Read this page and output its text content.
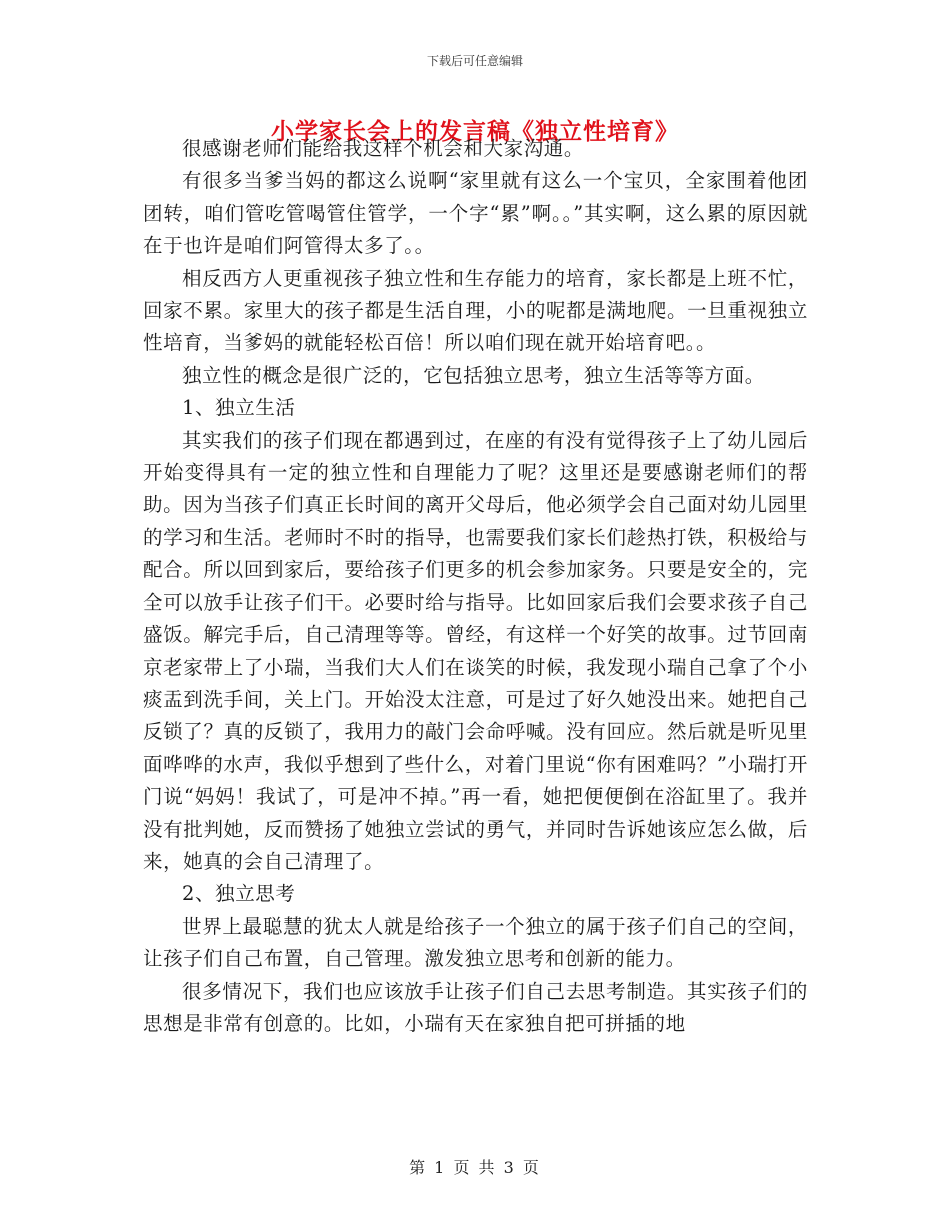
下载后可任意编辑
小学家长会上的发言稿《独立性培育》

很感谢老师们能给我这样个机会和大家沟通。

有很多当爹当妈的都这么说啊“家里就有这么一个宝贝，全家围着他团团转，咱们管吃管喝管住管学，一个字“累”啊。。”其实啊，这么累的原因就在于也许是咱们阿管得太多了。。

相反西方人更重视孩子独立性和生存能力的培育，家长都是上班不忙，回家不累。家里大的孩子都是生活自理，小的呢都是满地爬。一旦重视独立性培育，当爹妈的就能轻松百倍！所以咱们现在就开始培育吧。。

独立性的概念是很广泛的，它包括独立思考，独立生活等等方面。

1、独立生活

其实我们的孩子们现在都遇到过，在座的有没有觉得孩子上了幼儿园后开始变得具有一定的独立性和自理能力了呢？这里还是要感谢老师们的帮助。因为当孩子们真正长时间的离开父母后，他必须学会自己面对幼儿园里的学习和生活。老师时不时的指导，也需要我们家长们趁热打铁，积极给与配合。所以回到家后，要给孩子们更多的机会参加家务。只要是安全的，完全可以放手让孩子们干。必要时给与指导。比如回家后我们会要求孩子自己盛饭。解完手后，自己清理等等。曾经，有这样一个好笑的故事。过节回南京老家带上了小瑞，当我们大人们在谈笑的时候，我发现小瑞自己拿了个小痰盂到洗手间，关上门。开始没太注意，可是过了好久她没出来。她把自己反锁了？真的反锁了，我用力的敲门会命呼喊。没有回应。然后就是听见里面哗哗的水声，我似乎想到了些什么，对着门里说“你有困难吗？”小瑞打开门说“妈妈！我试了，可是冲不掉。”再一看，她把便便倒在浴缸里了。我并没有批判她，反而赞扬了她独立尝试的勇气，并同时告诉她该应怎么做，后来，她真的会自己清理了。

2、独立思考

世界上最聪慧的犹太人就是给孩子一个独立的属于孩子们自己的空间，让孩子们自己布置，自己管理。激发独立思考和创新的能力。

很多情况下，我们也应该放手让孩子们自己去思考制造。其实孩子们的思想是非常有创意的。比如，小瑞有天在家独自把可拼插的地

第 1 页 共 3 页
